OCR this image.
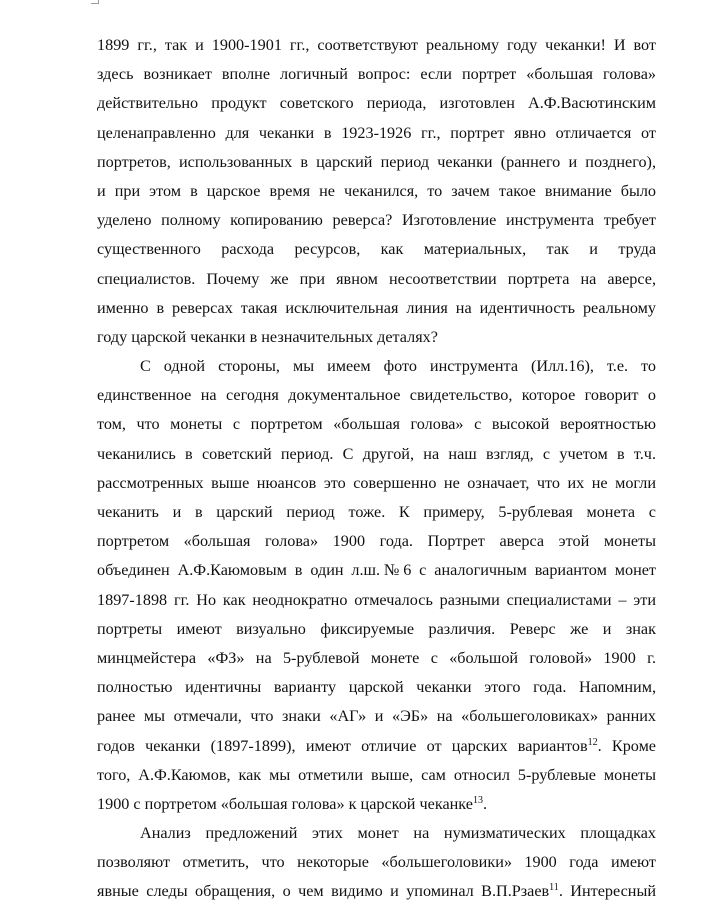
1899 гг., так и 1900-1901 гг., соответствуют реальному году чеканки! И вот
здесь возникает вполне логичный вопрос: если портрет «большая голова»
действительно продукт советского периода, изготовлен А.Ф.Васютинским
целенаправленно для чеканки в 1923-1926 гг., портрет явно отличается от
портретов, использованных в царский период чеканки (раннего и позднего),
и при этом в царское время не чеканился, то зачем такое внимание было
уделено полному копированию реверса? Изготовление инструмента требует
существенного расхода ресурсов, как материальных, так и труда
специалистов. Почему же при явном несоответствии портрета на аверсе,
именно в реверсах такая исключительная линия на идентичность реальному
году царской чеканки в незначительных деталях?
С одной стороны, мы имеем фото инструмента (Илл.16), т.е. то
единственное на сегодня документальное свидетельство, которое говорит о
том, что монеты с портретом «большая голова» с высокой вероятностью
чеканились в советский период. С другой, на наш взгляд, с учетом в т.ч.
рассмотренных выше нюансов это совершенно не означает, что их не могли
чеканить и в царский период тоже. К примеру, 5-рублевая монета с
портретом «большая голова» 1900 года. Портрет аверса этой монеты
объединен А.Ф.Каюмовым в один л.ш.№6 с аналогичным вариантом монет
1897-1898 гг. Но как неоднократно отмечалось разными специалистами – эти
портреты имеют визуально фиксируемые различия. Реверс же и знак
минцмейстера «ФЗ» на 5-рублевой монете с «большой головой» 1900 г.
полностью идентичны варианту царской чеканки этого года. Напомним,
ранее мы отмечали, что знаки «АГ» и «ЭБ» на «большеголовиках» ранних
годов чеканки (1897-1899), имеют отличие от царских вариантов$^{12}$. Кроме
того, А.Ф.Каюмов, как мы отметили выше, сам относил 5-рублевые монеты
1900 с портретом «большая голова» к царской чеканке$^{13}$.
Анализ предложений этих монет на нумизматических площадках
позволяют отметить, что некоторые «большеголовики» 1900 года имеют
явные следы обращения, о чем видимо и упоминал В.П.Рзаев$^{11}$. Интересный
